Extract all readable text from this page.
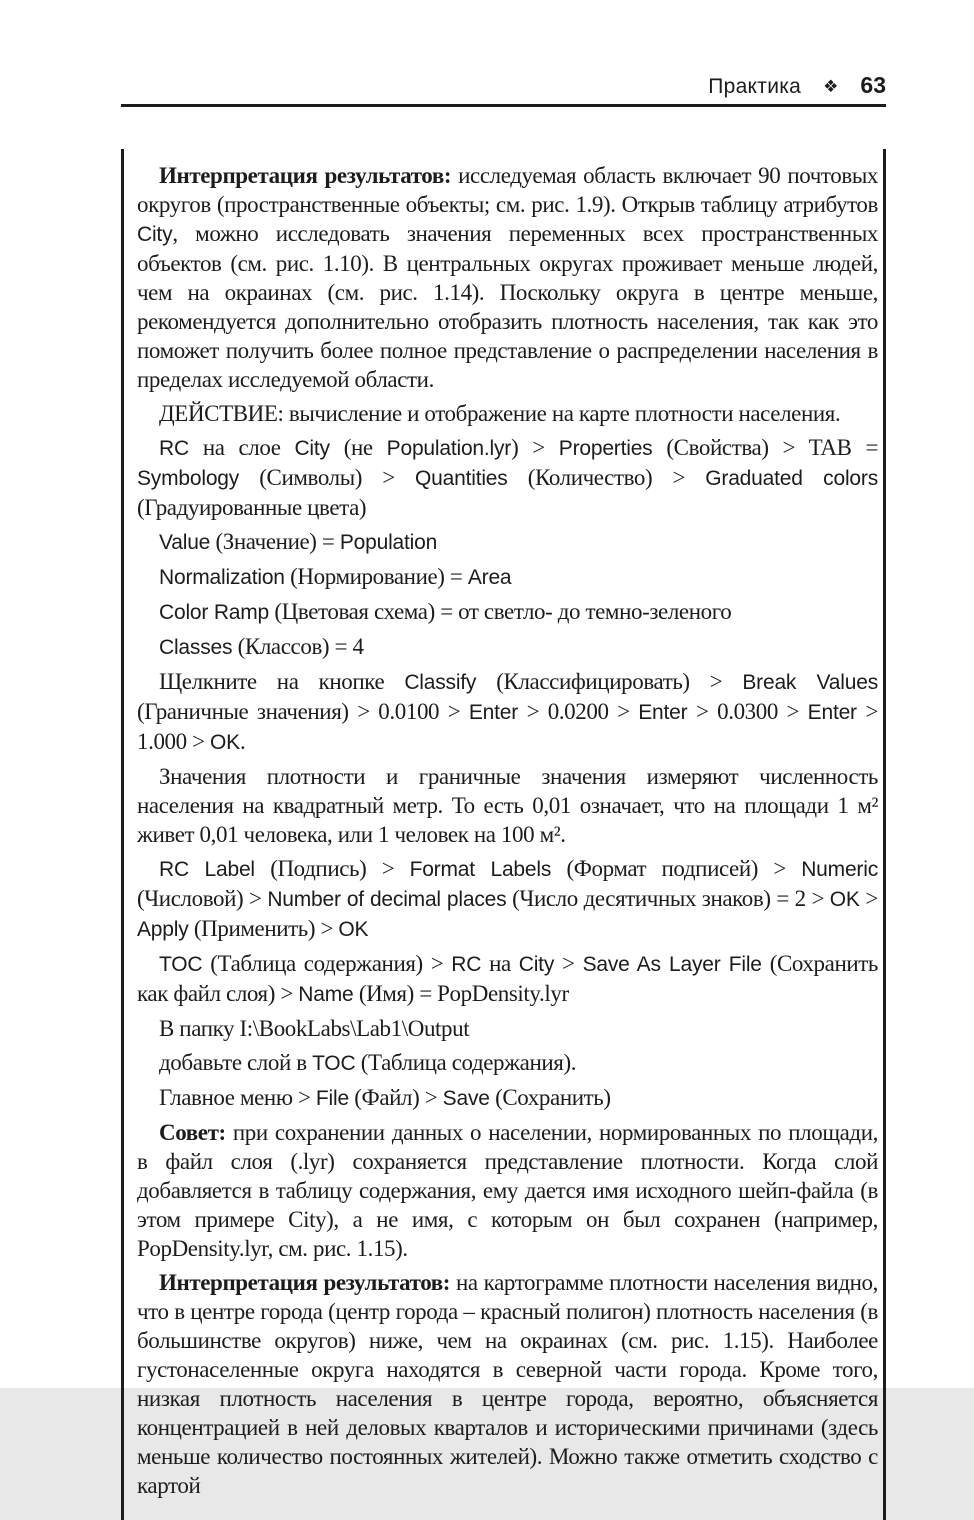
Практика ❖ 63

Интерпретация результатов: исследуемая область включает 90 почтовых округов (пространственные объекты; см. рис. 1.9). Открыв таблицу атрибутов City, можно исследовать значения переменных всех пространственных объектов (см. рис. 1.10). В центральных округах проживает меньше людей, чем на окраинах (см. рис. 1.14). Поскольку округа в центре меньше, рекомендуется дополнительно отобразить плотность населения, так как это поможет получить более полное представление о распределении населения в пределах исследуемой области.

ДЕЙСТВИЕ: вычисление и отображение на карте плотности населения.

RC на слое City (не Population.lyr) > Properties (Свойства) > TAB = Symbology (Символы) > Quantities (Количество) > Graduated colors (Градуированные цвета)

Value (Значение) = Population

Normalization (Нормирование) = Area

Color Ramp (Цветовая схема) = от светло- до темно-зеленого

Classes (Классов) = 4

Щелкните на кнопке Classify (Классифицировать) > Break Values (Граничные значения) > 0.0100 > Enter > 0.0200 > Enter > 0.0300 > Enter > 1.000 > OK.

Значения плотности и граничные значения измеряют численность населения на квадратный метр. То есть 0,01 означает, что на площади 1 м² живет 0,01 человека, или 1 человек на 100 м².

RC Label (Подпись) > Format Labels (Формат подписей) > Numeric (Числовой) > Number of decimal places (Число десятичных знаков) = 2 > OK > Apply (Применить) > OK

TOC (Таблица содержания) > RC на City > Save As Layer File (Сохранить как файл слоя) > Name (Имя) = PopDensity.lyr

В папку I:\BookLabs\Lab1\Output

добавьте слой в TOC (Таблица содержания).

Главное меню > File (Файл) > Save (Сохранить)

Совет: при сохранении данных о населении, нормированных по площади, в файл слоя (.lyr) сохраняется представление плотности. Когда слой добавляется в таблицу содержания, ему дается имя исходного шейп-файла (в этом примере City), а не имя, с которым он был сохранен (например, PopDensity.lyr, см. рис. 1.15).

Интерпретация результатов: на картограмме плотности населения видно, что в центре города (центр города – красный полигон) плотность населения (в большинстве округов) ниже, чем на окраинах (см. рис. 1.15). Наиболее густонаселенные округа находятся в северной части города. Кроме того, низкая плотность населения в центре города, вероятно, объясняется концентрацией в ней деловых кварталов и историческими причинами (здесь меньше количество постоянных жителей). Можно также отметить сходство с картой
